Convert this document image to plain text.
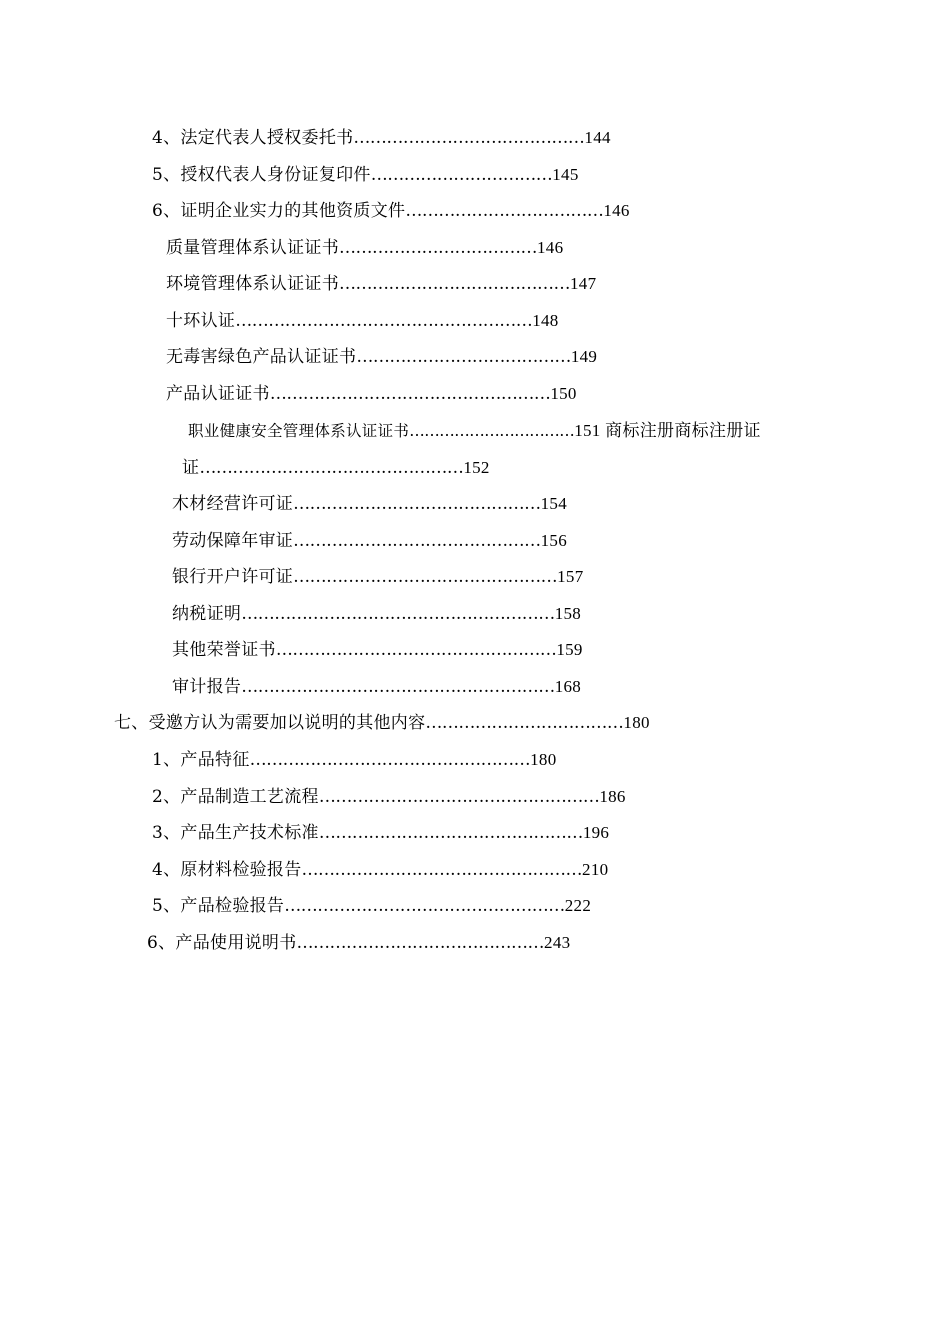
4、法定代表人授权委托书……………………………………144
5、授权代表人身份证复印件……………………………145
6、证明企业实力的其他资质文件………………………………146
质量管理体系认证证书………………………………146
环境管理体系认证证书……………………………………147
十环认证………………………………………………148
无毒害绿色产品认证证书…………………………………149
产品认证证书……………………………………………150
职业健康安全管理体系认证证书……………………………151 商标注册商标注册证
证…………………………………………152
木材经营许可证………………………………………154
劳动保障年审证………………………………………156
银行开户许可证…………………………………………157
纳税证明…………………………………………………158
其他荣誉证书……………………………………………159
审计报告…………………………………………………168
七、受邀方认为需要加以说明的其他内容………………………………180
1、产品特征……………………………………………180
2、产品制造工艺流程……………………………………………186
3、产品生产技术标准…………………………………………196
4、原材料检验报告……………………………………………210
5、产品检验报告……………………………………………222
6、产品使用说明书………………………………………243
